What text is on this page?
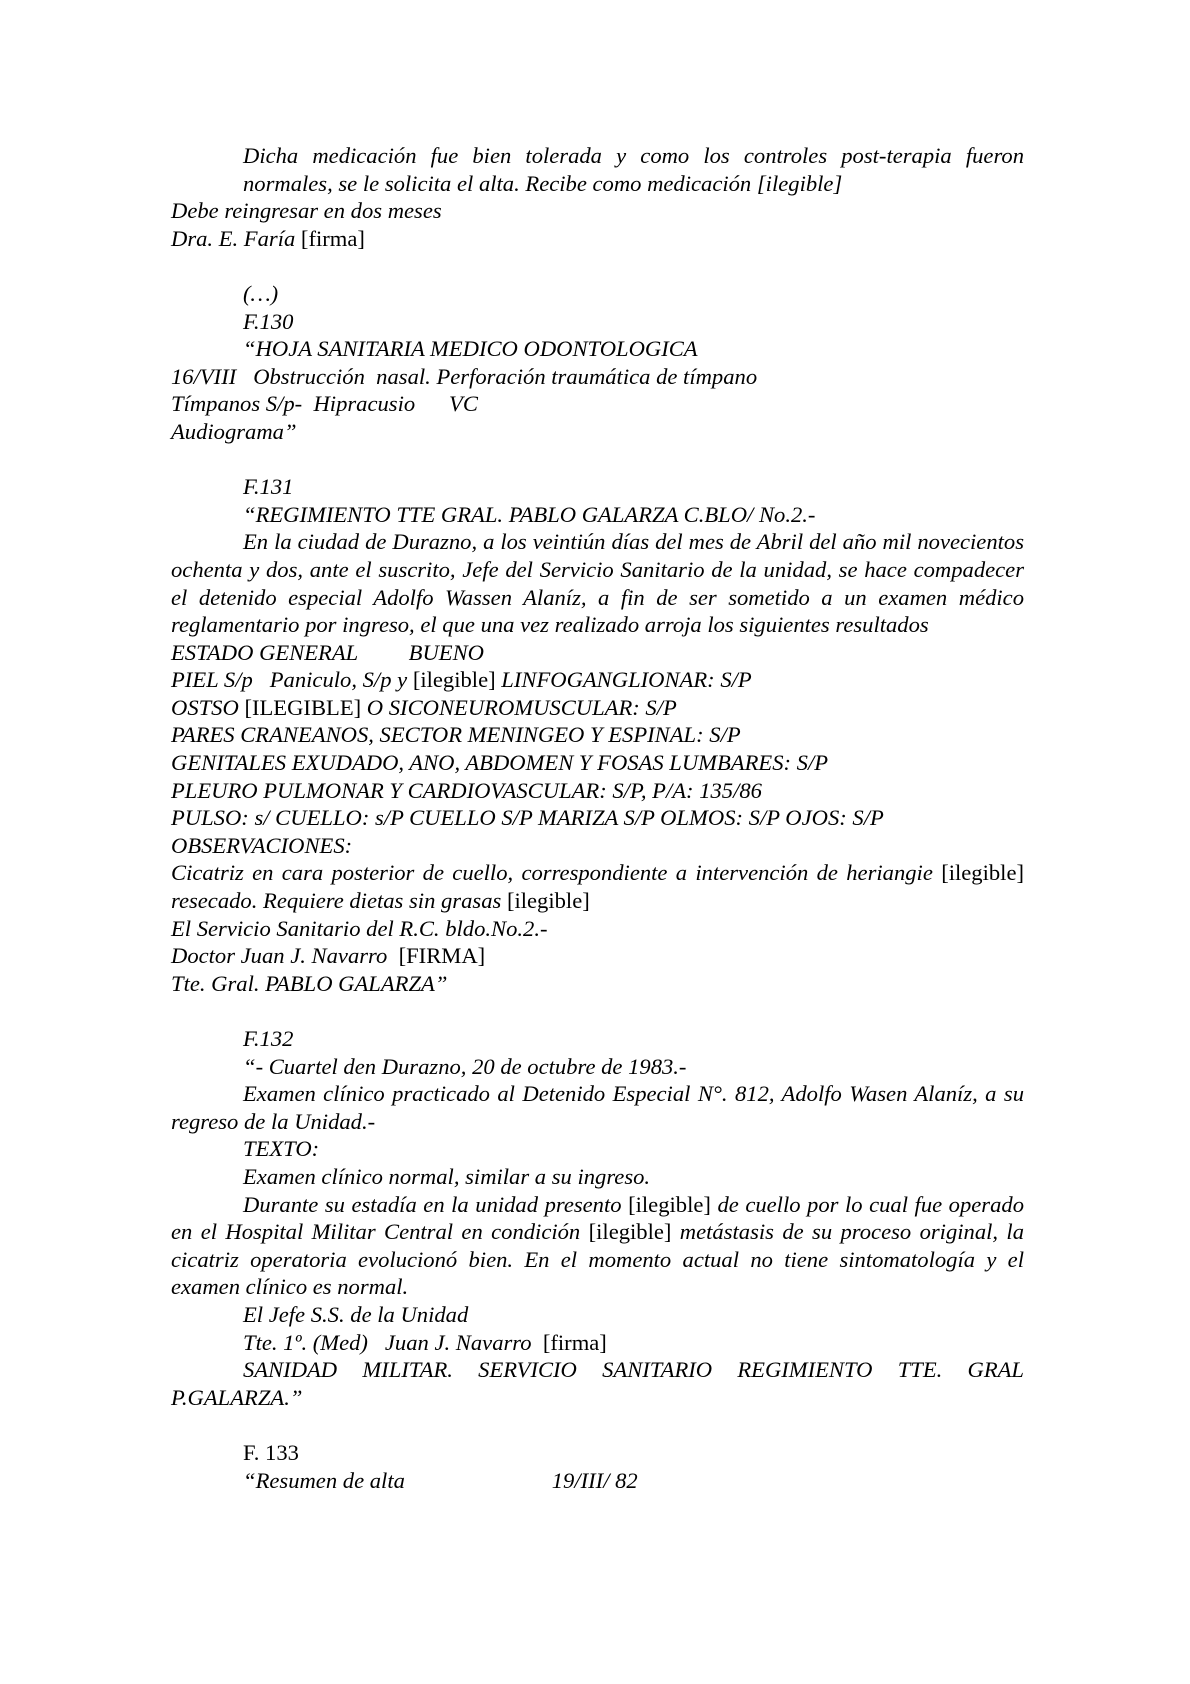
Dicha medicación fue bien tolerada y como los controles post-terapia fueron normales, se le solicita el alta. Recibe como medicación [ilegible]
Debe reingresar en dos meses
Dra. E. Faría [firma]
(…)
F.130
“HOJA SANITARIA MEDICO ODONTOLOGICA
16/VIII   Obstrucción  nasal. Perforación traumática de tímpano
Tímpanos S/p-  Hipracusio      VC
Audiograma”
F.131
“REGIMIENTO TTE GRAL. PABLO GALARZA C.BLO/ No.2.-
En la ciudad de Durazno, a los veintiún días del mes de Abril del año mil novecientos ochenta y dos, ante el suscrito, Jefe del Servicio Sanitario de la unidad, se hace compadecer el detenido especial Adolfo Wassen Alaníz, a fin de ser sometido a un examen médico reglamentario por ingreso, el que una vez realizado arroja los siguientes resultados
ESTADO GENERAL         BUENO
PIEL S/p   Paniculo, S/p y [ilegible] LINFOGANGLIONAR: S/P
OSTSO [ILEGIBLE] O SICONEUROMUSCULAR: S/P
PARES CRANEANOS, SECTOR MENINGEO Y ESPINAL: S/P
GENITALES EXUDADO, ANO, ABDOMEN Y FOSAS LUMBARES: S/P
PLEURO PULMONAR Y CARDIOVASCULAR: S/P, P/A: 135/86
PULSO: s/ CUELLO: s/P CUELLO S/P MARIZA S/P OLMOS: S/P OJOS: S/P
OBSERVACIONES:
Cicatriz en cara posterior de cuello, correspondiente a intervención de heriangie [ilegible] resecado. Requiere dietas sin grasas [ilegible]
El Servicio Sanitario del R.C. bldo.No.2.-
Doctor Juan J. Navarro  [FIRMA]
Tte. Gral. PABLO GALARZA”
F.132
“- Cuartel den Durazno, 20 de octubre de 1983.-
Examen clínico practicado al Detenido Especial N°. 812, Adolfo Wasen Alaníz, a su regreso de la Unidad.-
TEXTO:
Examen clínico normal, similar a su ingreso.
Durante su estadía en la unidad presento [ilegible] de cuello por lo cual fue operado en el Hospital Militar Central en condición [ilegible] metástasis de su proceso original, la cicatriz operatoria evolucionó bien. En el momento actual no tiene sintomatología y el examen clínico es normal.
El Jefe S.S. de la Unidad
Tte. 1º. (Med)   Juan J. Navarro  [firma]
SANIDAD MILITAR. SERVICIO SANITARIO REGIMIENTO TTE. GRAL P.GALARZA.”
F. 133
“Resumen de alta                          19/III/ 82
